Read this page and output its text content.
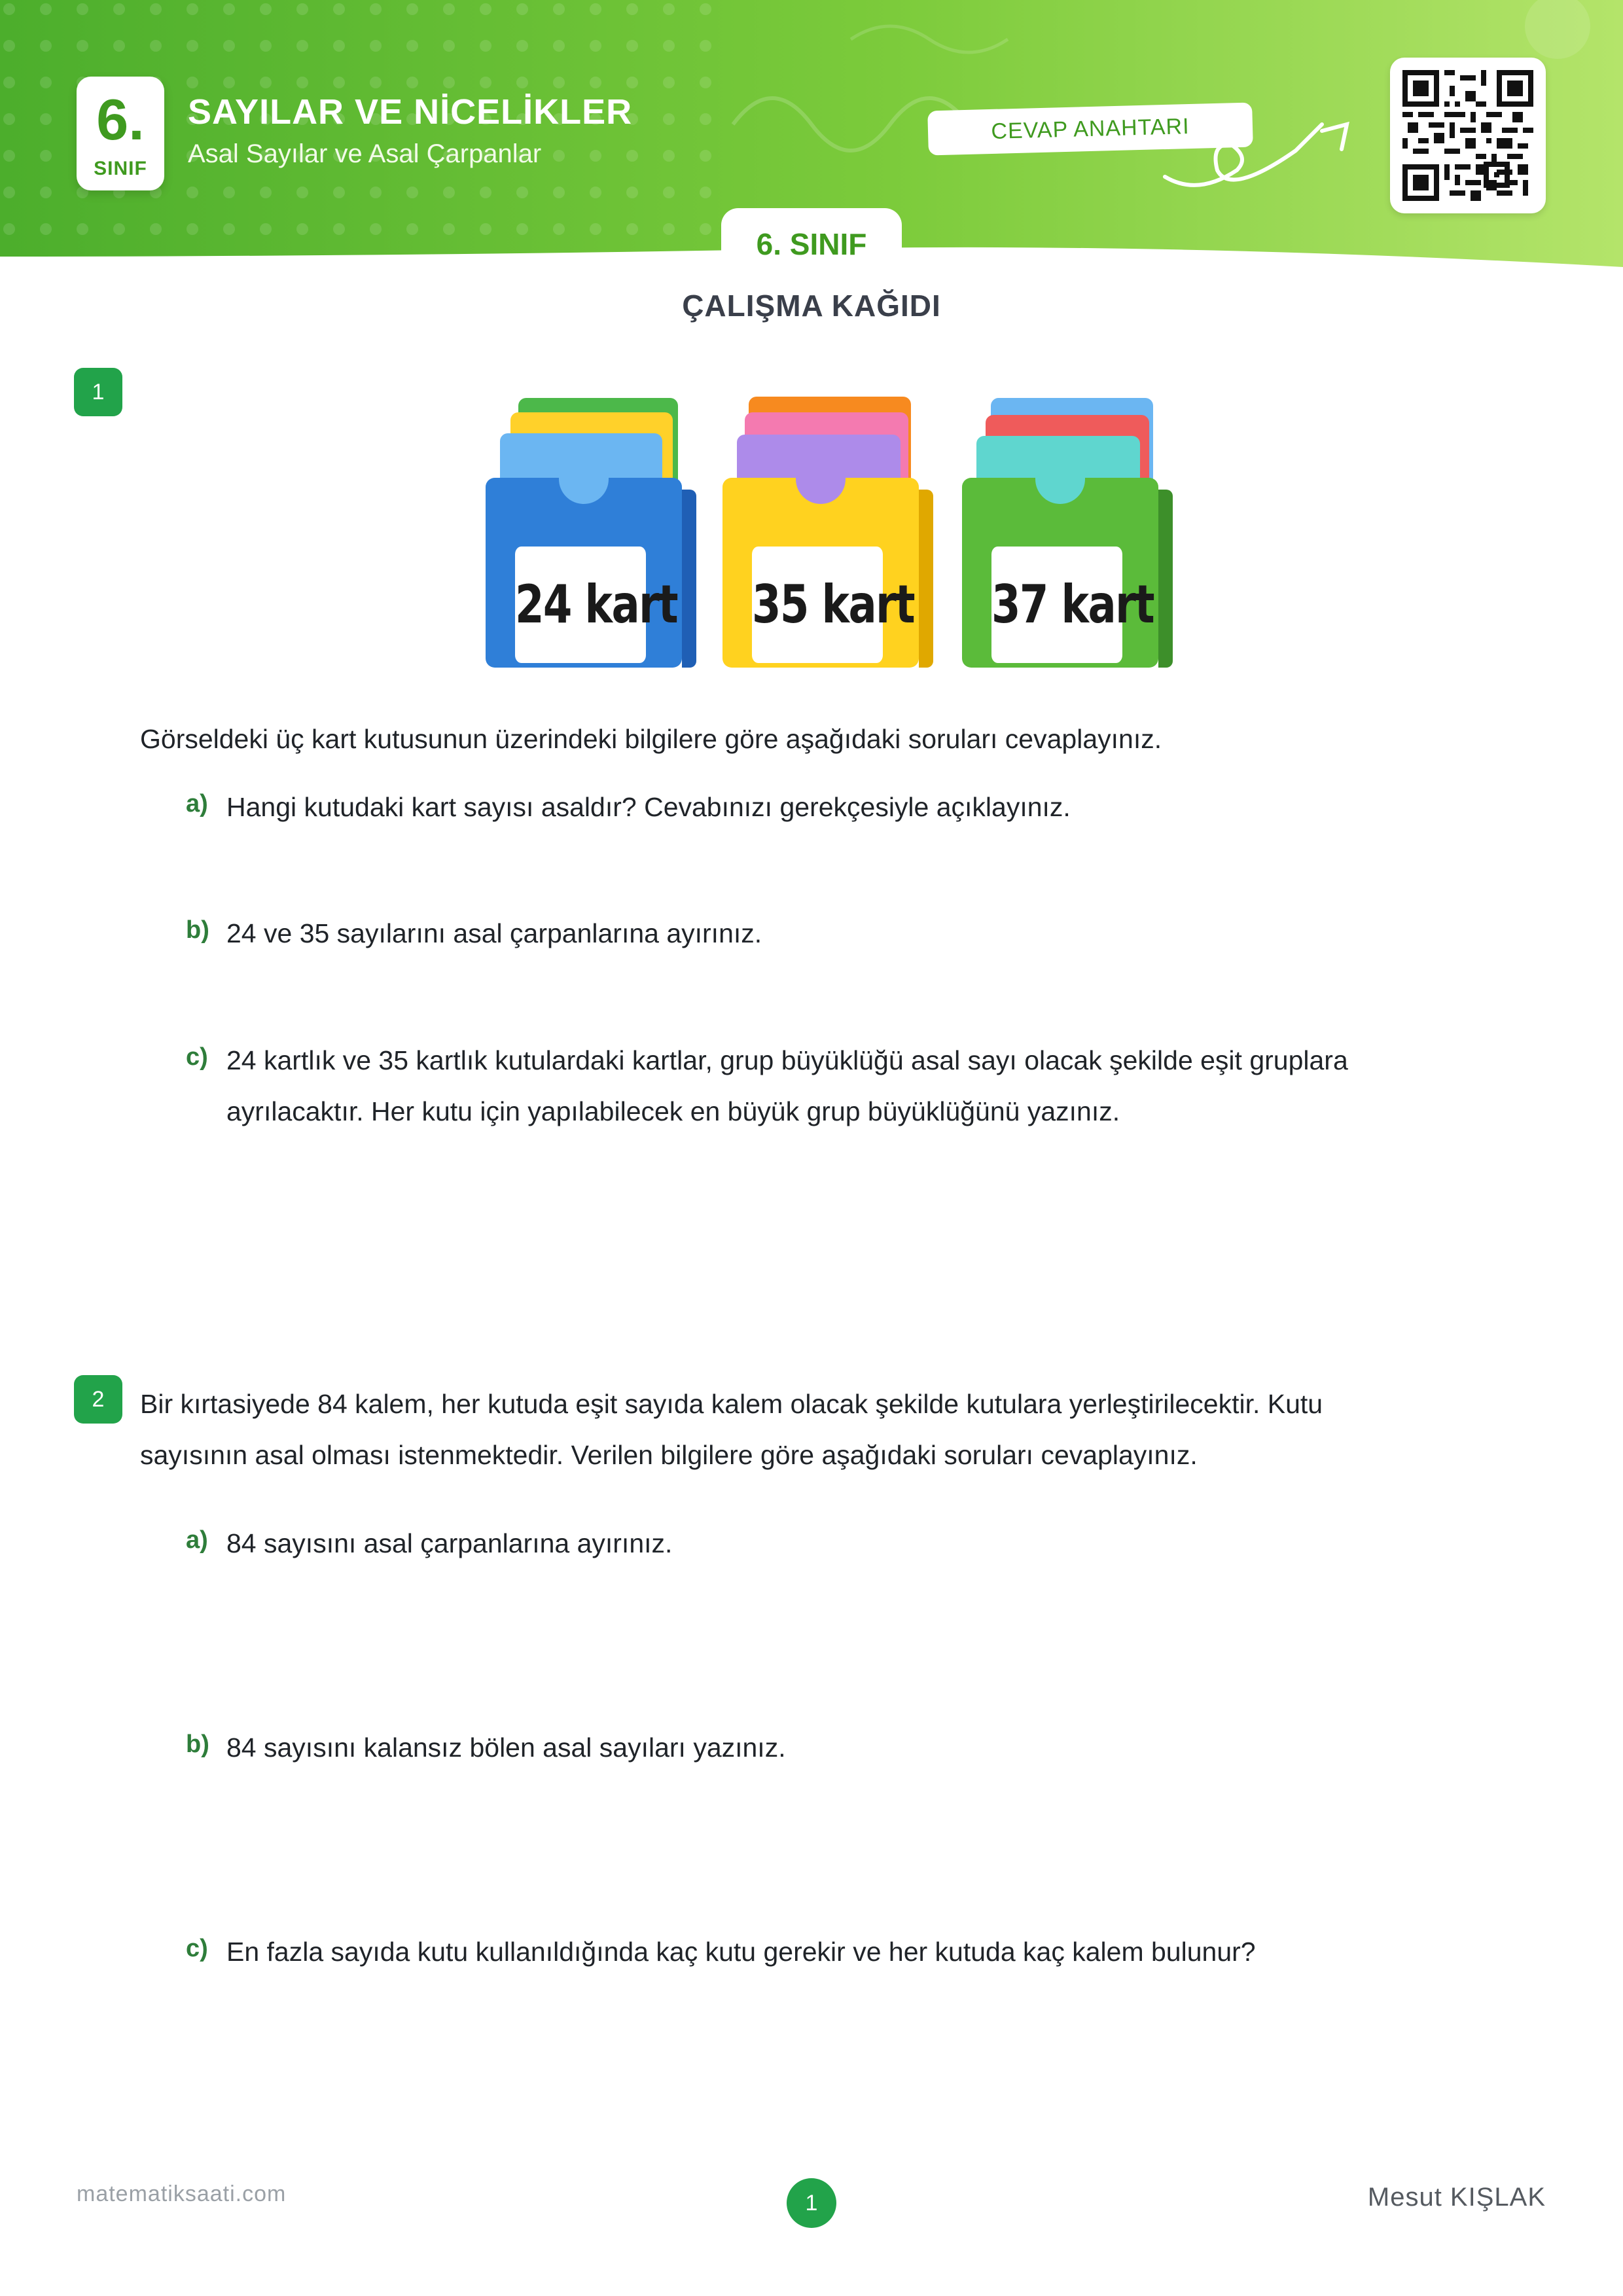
6.
SINIF
SAYILAR VE NİCELİKLER
Asal Sayılar ve Asal Çarpanlar
CEVAP ANAHTARI
6. SINIF
ÇALIŞMA KAĞIDI
1
24 kart 35 kart 37 kart
Görseldeki üç kart kutusunun üzerindeki bilgilere göre aşağıdaki soruları cevaplayınız.
a) Hangi kutudaki kart sayısı asaldır? Cevabınızı gerekçesiyle açıklayınız.
b) 24 ve 35 sayılarını asal çarpanlarına ayırınız.
c) 24 kartlık ve 35 kartlık kutulardaki kartlar, grup büyüklüğü asal sayı olacak şekilde eşit gruplara
ayrılacaktır. Her kutu için yapılabilecek en büyük grup büyüklüğünü yazınız.
2	Bir kırtasiyede 84 kalem, her kutuda eşit sayıda kalem olacak şekilde kutulara yerleştirilecektir. Kutu
sayısının asal olması istenmektedir. Verilen bilgilere göre aşağıdaki soruları cevaplayınız.
a) 84 sayısını asal çarpanlarına ayırınız.
b) 84 sayısını kalansız bölen asal sayıları yazınız.
c) En fazla sayıda kutu kullanıldığında kaç kutu gerekir ve her kutuda kaç kalem bulunur?
matematiksaati.com	1	Mesut KIŞLAK
